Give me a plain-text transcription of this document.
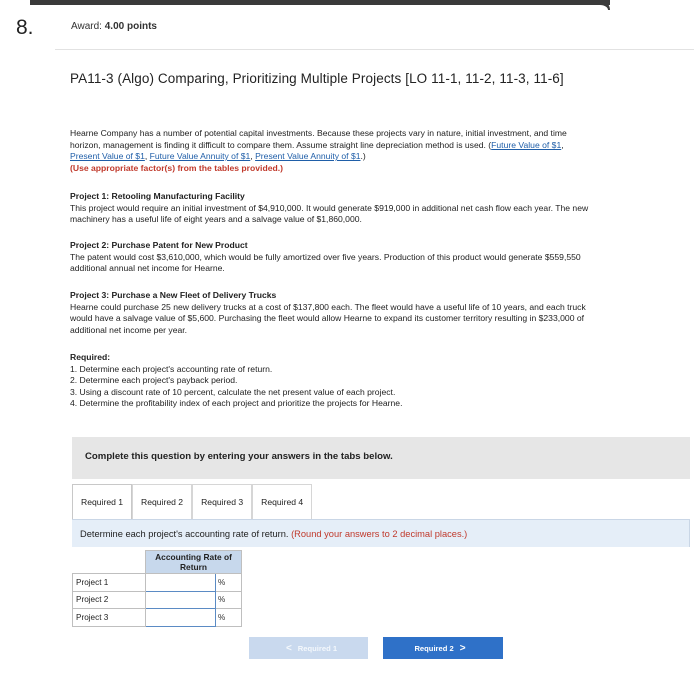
8.	Award: 4.00 points
PA11-3 (Algo) Comparing, Prioritizing Multiple Projects [LO 11-1, 11-2, 11-3, 11-6]
Hearne Company has a number of potential capital investments. Because these projects vary in nature, initial investment, and time horizon, management is finding it difficult to compare them. Assume straight line depreciation method is used. (Future Value of $1, Present Value of $1, Future Value Annuity of $1, Present Value Annuity of $1.)
(Use appropriate factor(s) from the tables provided.)
Project 1: Retooling Manufacturing Facility
This project would require an initial investment of $4,910,000. It would generate $919,000 in additional net cash flow each year. The new machinery has a useful life of eight years and a salvage value of $1,860,000.
Project 2: Purchase Patent for New Product
The patent would cost $3,610,000, which would be fully amortized over five years. Production of this product would generate $559,550 additional annual net income for Hearne.
Project 3: Purchase a New Fleet of Delivery Trucks
Hearne could purchase 25 new delivery trucks at a cost of $137,800 each. The fleet would have a useful life of 10 years, and each truck would have a salvage value of $5,600. Purchasing the fleet would allow Hearne to expand its customer territory resulting in $233,000 of additional net income per year.
Required:
1. Determine each project's accounting rate of return.
2. Determine each project's payback period.
3. Using a discount rate of 10 percent, calculate the net present value of each project.
4. Determine the profitability index of each project and prioritize the projects for Hearne.
Complete this question by entering your answers in the tabs below.
Required 1	Required 2	Required 3	Required 4
Determine each project's accounting rate of return. (Round your answers to 2 decimal places.)
	Accounting Rate of Return	
Project 1		%
Project 2		%
Project 3		%
< Required 1	Required 2 >
